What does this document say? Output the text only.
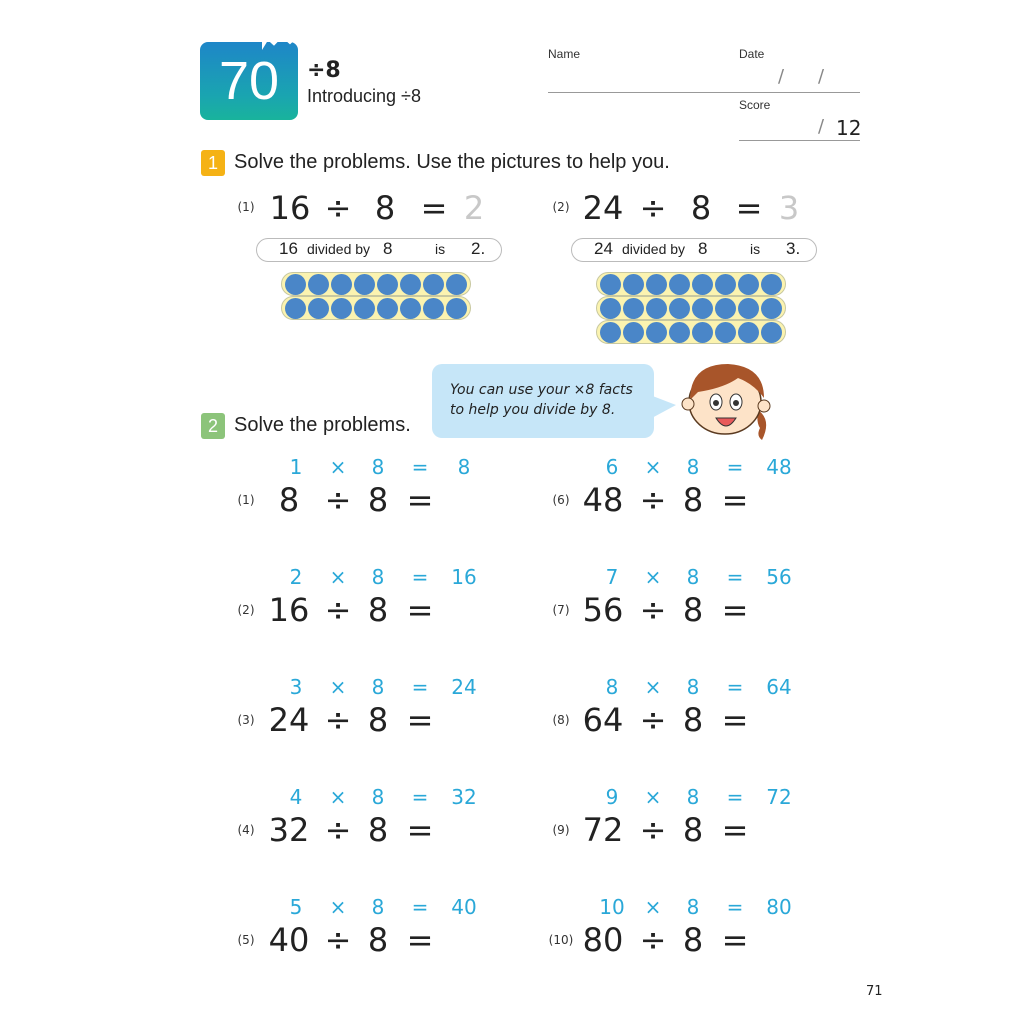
70	÷8
Introducing ÷8
Name	Date
/ /
Score
/ 12
1 Solve the problems. Use the pictures to help you.
(1) 16 ÷ 8 = 2
16 divided by 8	is 2.
(2) 24 ÷ 8 = 3
24 divided by 8	is 3.
You can use your ×8 facts
to help you divide by 8.
2 Solve the problems.
1 × 8 = 8
(1) 8 ÷ 8 =
2 × 8 = 16
(2) 16 ÷ 8 =
3 × 8 = 24
(3) 24 ÷ 8 =
4 × 8 = 32
(4) 32 ÷ 8 =
5 × 8 = 40
(5) 40 ÷ 8 =
6 × 8 = 48
(6) 48 ÷ 8 =
7 × 8 = 56
(7) 56 ÷ 8 =
8 × 8 = 64
(8) 64 ÷ 8 =
9 × 8 = 72
(9) 72 ÷ 8 =
10 × 8 = 80
(10) 80 ÷ 8 =
71
